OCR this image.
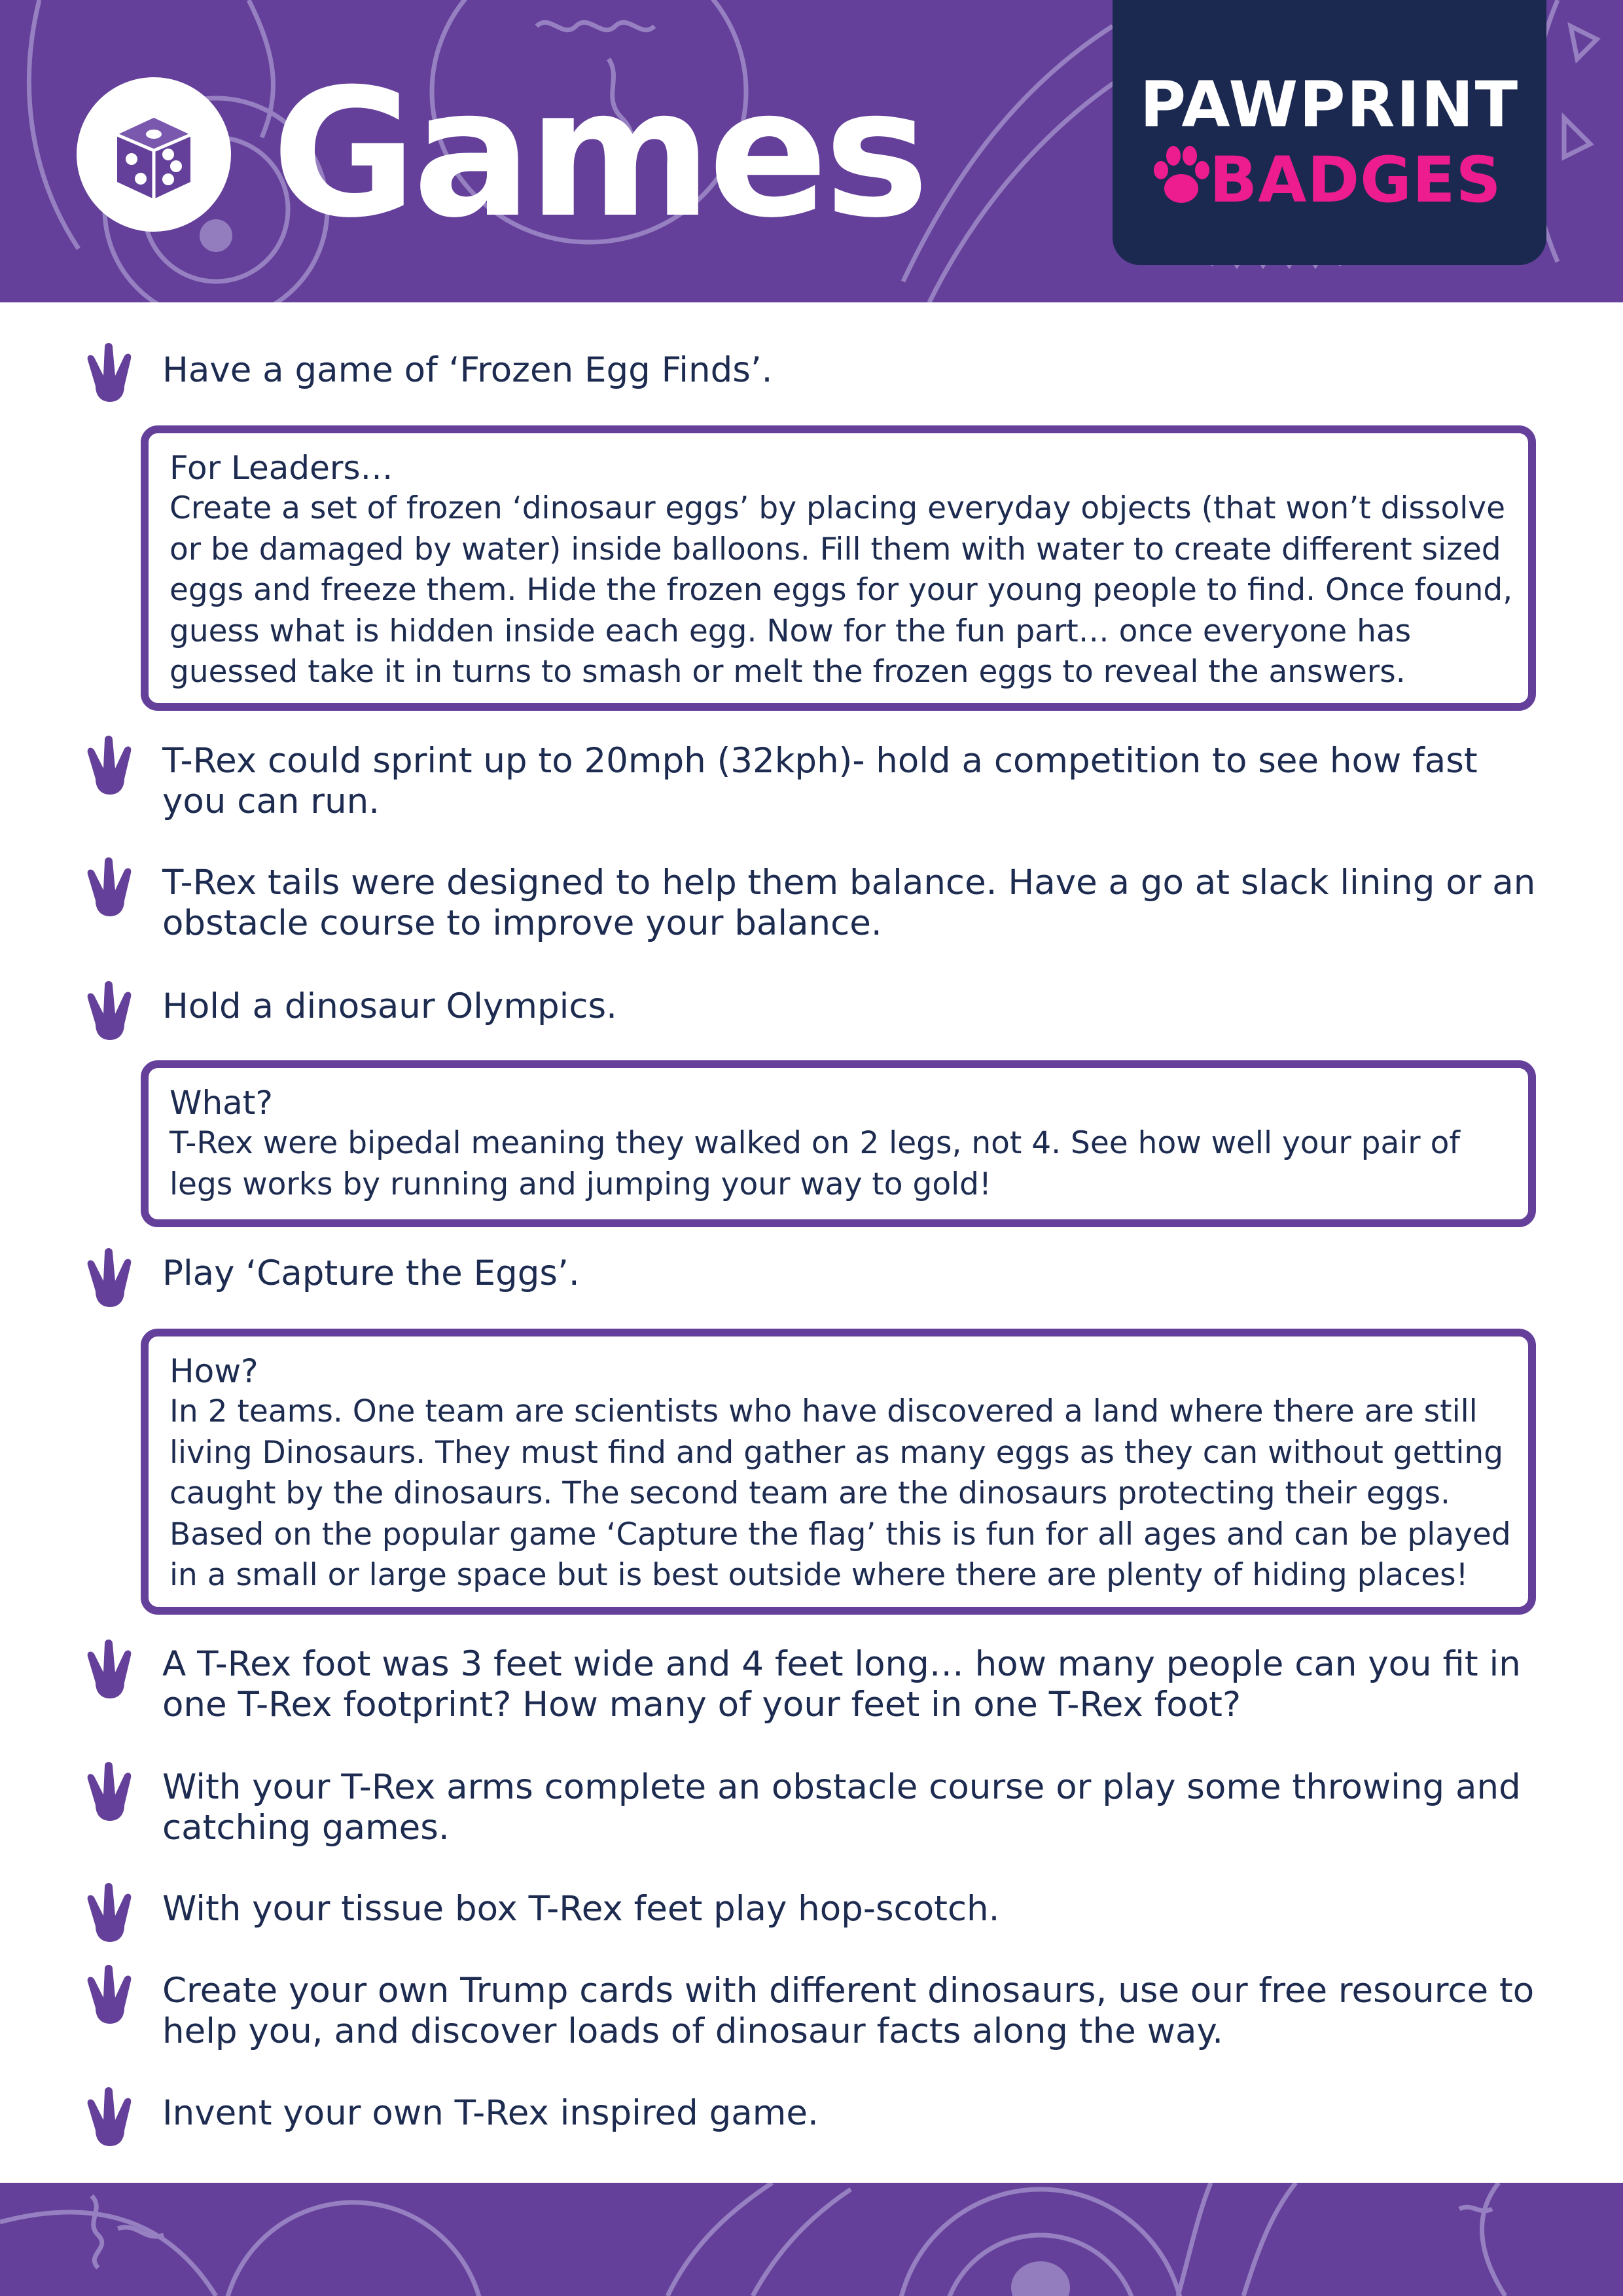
Games	PAWPRINT
BADGES
Have a game of ‘Frozen Egg Finds’.
For Leaders…
Create a set of frozen ‘dinosaur eggs’ by placing everyday objects (that won’t dissolve or be damaged by water) inside balloons. Fill them with water to create different sized eggs and freeze them. Hide the frozen eggs for your young people to find. Once found, guess what is hidden inside each egg. Now for the fun part… once everyone has guessed take it in turns to smash or melt the frozen eggs to reveal the answers.
T-Rex could sprint up to 20mph (32kph)- hold a competition to see how fast you can run.
T-Rex tails were designed to help them balance. Have a go at slack lining or an obstacle course to improve your balance.
Hold a dinosaur Olympics.
What?
T-Rex were bipedal meaning they walked on 2 legs, not 4. See how well your pair of legs works by running and jumping your way to gold!
Play ‘Capture the Eggs’.
How?
In 2 teams. One team are scientists who have discovered a land where there are still living Dinosaurs. They must find and gather as many eggs as they can without getting caught by the dinosaurs. The second team are the dinosaurs protecting their eggs. Based on the popular game ‘Capture the flag’ this is fun for all ages and can be played in a small or large space but is best outside where there are plenty of hiding places!
A T-Rex foot was 3 feet wide and 4 feet long… how many people can you fit in one T-Rex footprint? How many of your feet in one T-Rex foot?
With your T-Rex arms complete an obstacle course or play some throwing and catching games.
With your tissue box T-Rex feet play hop-scotch.
Create your own Trump cards with different dinosaurs, use our free resource to help you, and discover loads of dinosaur facts along the way.
Invent your own T-Rex inspired game.
